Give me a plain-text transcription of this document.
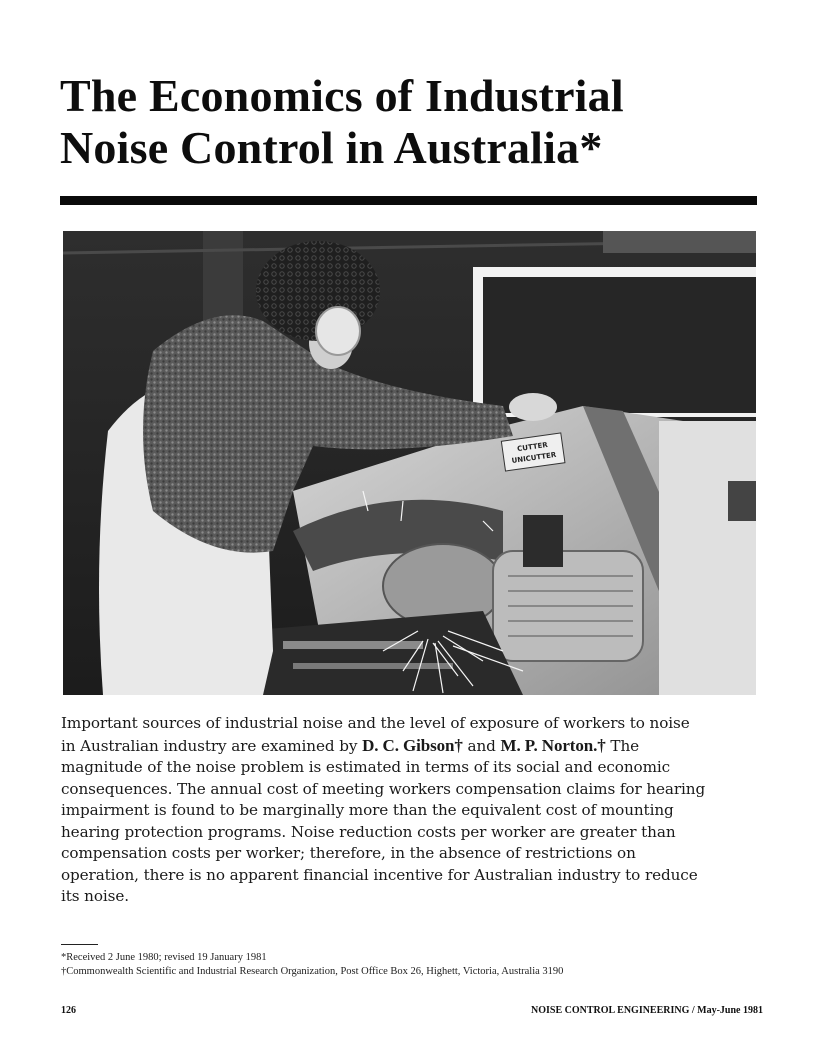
The Economics of Industrial
Noise Control in Australia*
CUTTER
UNICUTTER

Important sources of industrial noise and the level of exposure of workers to noise
in Australian industry are examined by D. C. Gibson† and M. P. Norton.† The
magnitude of the noise problem is estimated in terms of its social and economic
consequences. The annual cost of meeting workers compensation claims for hearing
impairment is found to be marginally more than the equivalent cost of mounting
hearing protection programs. Noise reduction costs per worker are greater than
compensation costs per worker; therefore, in the absence of restrictions on
operation, there is no apparent financial incentive for Australian industry to reduce
its noise.

*Received 2 June 1980; revised 19 January 1981
†Commonwealth Scientific and Industrial Research Organization, Post Office Box 26, Highett, Victoria, Australia 3190
126	NOISE CONTROL ENGINEERING / May-June 1981
